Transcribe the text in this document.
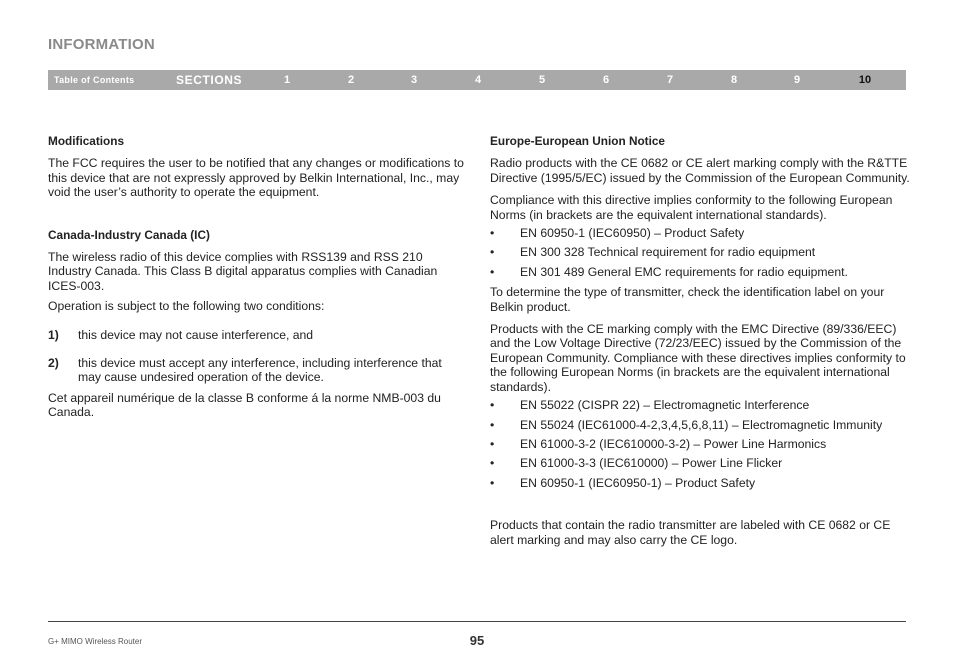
INFORMATION
Table of Contents	SECTIONS	1	2	3	4	5	6	7	8	9	10
Modifications
The FCC requires the user to be notified that any changes or modifications to this device that are not expressly approved by Belkin International, Inc., may void the user’s authority to operate the equipment.
Canada-Industry Canada (IC)
The wireless radio of this device complies with RSS139 and RSS 210 Industry Canada. This Class B digital apparatus complies with Canadian ICES-003.
Operation is subject to the following two conditions:
1) this device may not cause interference, and
2) this device must accept any interference, including interference that may cause undesired operation of the device.
Cet appareil numérique de la classe B conforme á la norme NMB-003 du Canada.
Europe-European Union Notice
Radio products with the CE 0682 or CE alert marking comply with the R&TTE Directive (1995/5/EC) issued by the Commission of the European Community.
Compliance with this directive implies conformity to the following European Norms (in brackets are the equivalent international standards).
• EN 60950-1 (IEC60950) – Product Safety
• EN 300 328 Technical requirement for radio equipment
• EN 301 489 General EMC requirements for radio equipment.
To determine the type of transmitter, check the identification label on your Belkin product.
Products with the CE marking comply with the EMC Directive (89/336/EEC) and the Low Voltage Directive (72/23/EEC) issued by the Commission of the European Community. Compliance with these directives implies conformity to the following European Norms (in brackets are the equivalent international standards).
• EN 55022 (CISPR 22) – Electromagnetic Interference
• EN 55024 (IEC61000-4-2,3,4,5,6,8,11) – Electromagnetic Immunity
• EN 61000-3-2 (IEC610000-3-2) – Power Line Harmonics
• EN 61000-3-3 (IEC610000) – Power Line Flicker
• EN 60950-1 (IEC60950-1) – Product Safety
Products that contain the radio transmitter are labeled with CE 0682 or CE alert marking and may also carry the CE logo.
G+ MIMO Wireless Router	95
